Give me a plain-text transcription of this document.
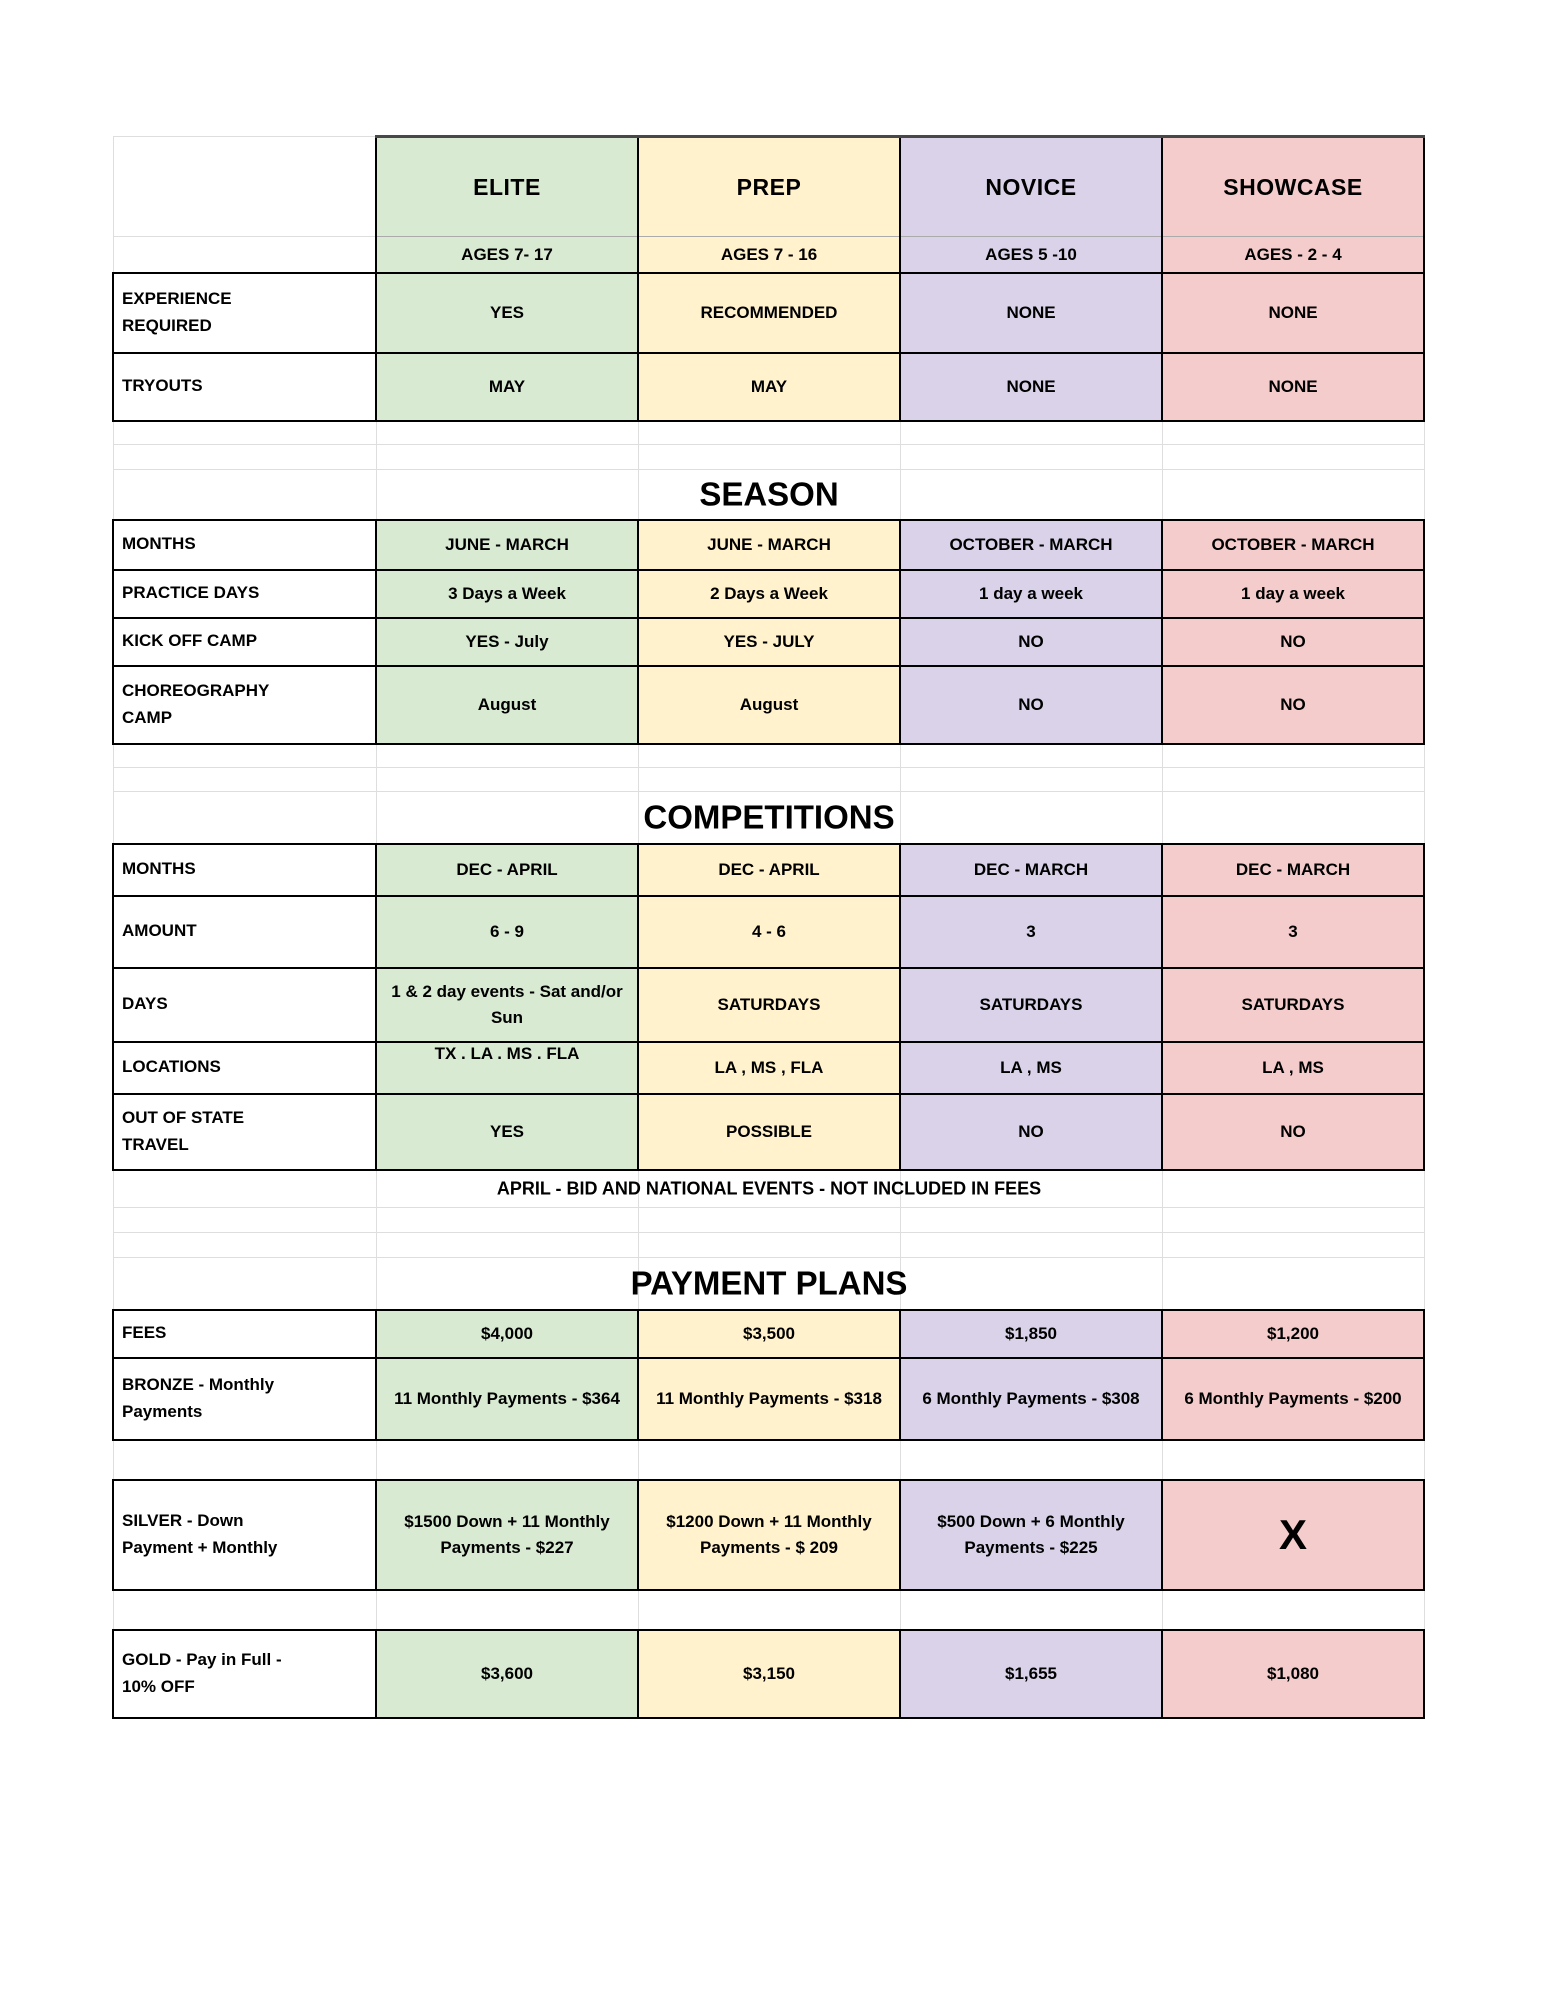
	ELITE	PREP	NOVICE	SHOWCASE
	AGES 7- 17	AGES 7 - 16	AGES 5 -10	AGES - 2 - 4
EXPERIENCE REQUIRED	YES	RECOMMENDED	NONE	NONE
TRYOUTS	MAY	MAY	NONE	NONE

		SEASON		

MONTHS	JUNE - MARCH	JUNE - MARCH	OCTOBER - MARCH	OCTOBER - MARCH
PRACTICE DAYS	3 Days a Week	2 Days a Week	1 day a week	1 day a week
KICK OFF CAMP	YES - July	YES - JULY	NO	NO
CHOREOGRAPHY CAMP	August	August	NO	NO

		COMPETITIONS		

MONTHS	DEC - APRIL	DEC - APRIL	DEC - MARCH	DEC - MARCH
AMOUNT	6 - 9	4 - 6	3	3
DAYS	1 & 2 day events - Sat and/or Sun	SATURDAYS	SATURDAYS	SATURDAYS
LOCATIONS	TX . LA . MS . FLA	LA , MS , FLA	LA , MS	LA , MS
OUT OF STATE TRAVEL	YES	POSSIBLE	NO	NO

		APRIL - BID AND NATIONAL EVENTS - NOT INCLUDED IN FEES		

		PAYMENT PLANS		

FEES	$4,000	$3,500	$1,850	$1,200
BRONZE - Monthly Payments	11 Monthly Payments - $364	11 Monthly Payments - $318	6 Monthly Payments - $308	6 Monthly Payments - $200

SILVER - Down Payment + Monthly	$1500 Down + 11 Monthly Payments - $227	$1200 Down + 11 Monthly Payments - $ 209	$500 Down + 6 Monthly Payments - $225	X

GOLD - Pay in Full - 10% OFF	$3,600	$3,150	$1,655	$1,080
